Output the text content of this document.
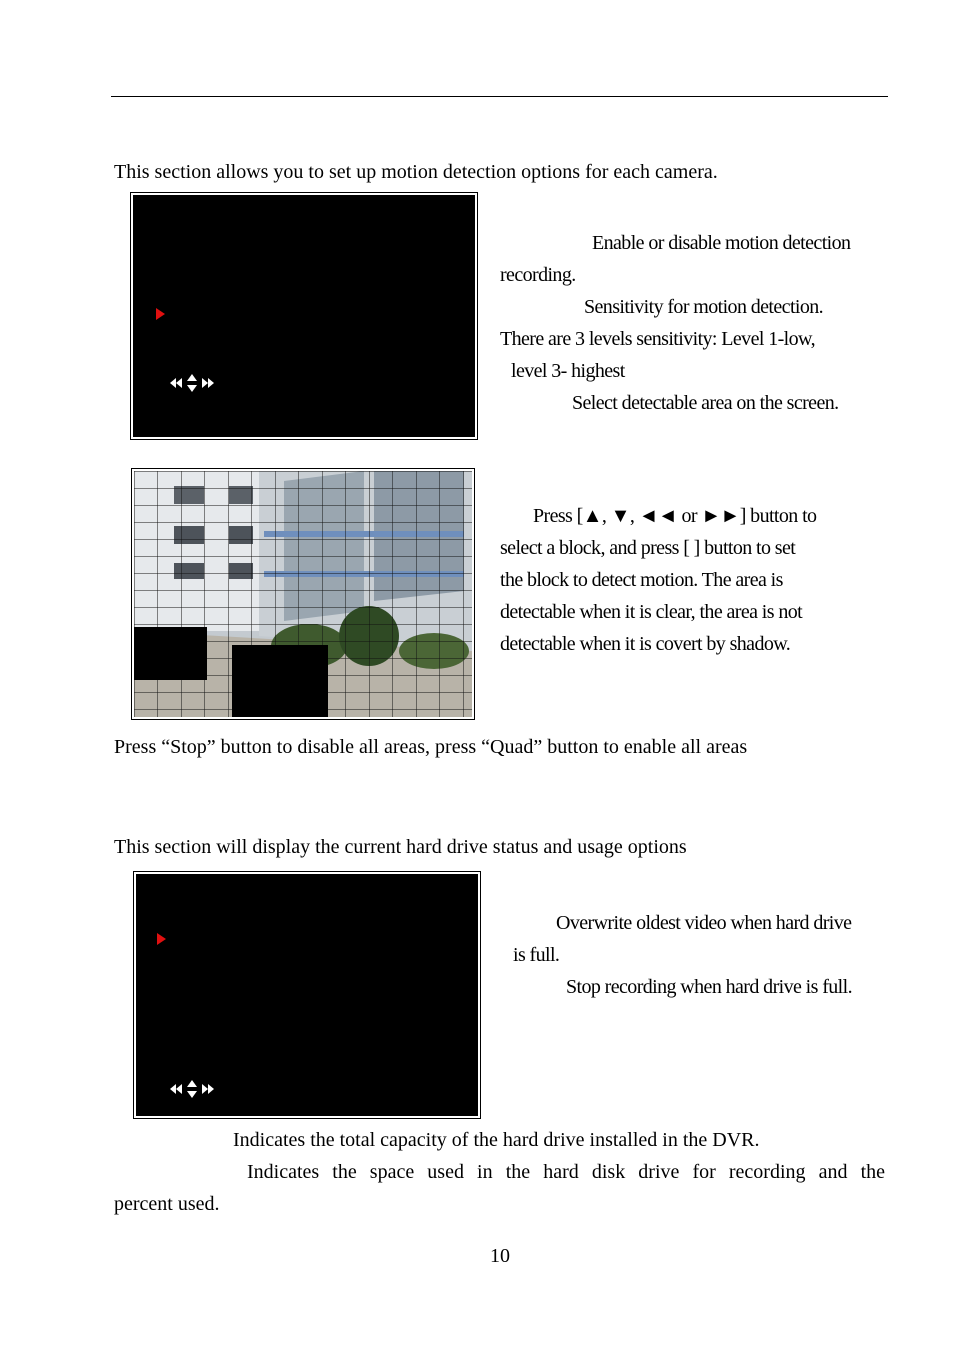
This section allows you to set up motion detection options for each camera.
Enable or disable motion detection
recording.
Sensitivity for motion detection.
There are 3 levels sensitivity: Level 1-low,
level 3- highest
Select detectable area on the screen.
Press [▲, ▼, ◄◄ or ►►] button to
select a block, and press [ ] button to set
the block to detect motion. The area is
detectable when it is clear, the area is not
detectable when it is covert by shadow.
Press “Stop” button to disable all areas, press “Quad” button to enable all areas
This section will display the current hard drive status and usage options
Overwrite oldest video when hard drive
is full.
Stop recording when hard drive is full.
Indicates the total capacity of the hard drive installed in the DVR.
Indicates the space used in the hard disk drive for recording and the
percent used.
10
